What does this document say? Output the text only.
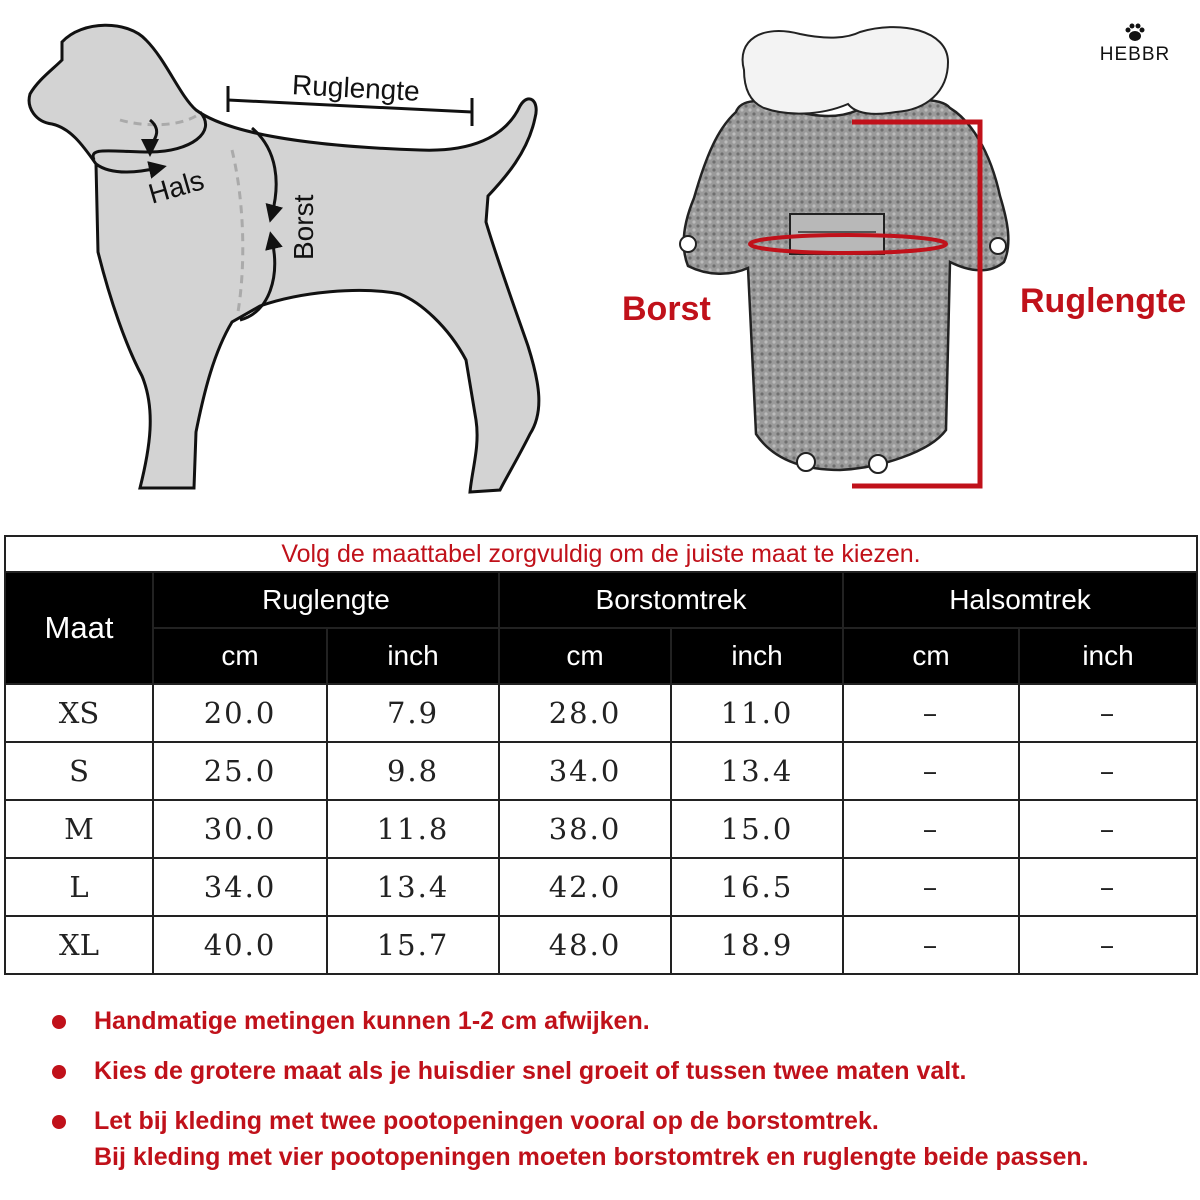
Ruglengte
Hals
Borst
Borst	Ruglengte
HEBBR
Volg de maattabel zorgvuldig om de juiste maat te kiezen.						
Maat	Ruglengte		Borstomtrek		Halsomtrek	
	cm	inch	cm	inch	cm	inch
XS	20.0	7.9	28.0	11.0	–	–
S	25.0	9.8	34.0	13.4	–	–
M	30.0	11.8	38.0	15.0	–	–
L	34.0	13.4	42.0	16.5	–	–
XL	40.0	15.7	48.0	18.9	–	–
Handmatige metingen kunnen 1-2 cm afwijken.
Kies de grotere maat als je huisdier snel groeit of tussen twee maten valt.
Let bij kleding met twee pootopeningen vooral op de borstomtrek.
Bij kleding met vier pootopeningen moeten borstomtrek en ruglengte beide passen.
